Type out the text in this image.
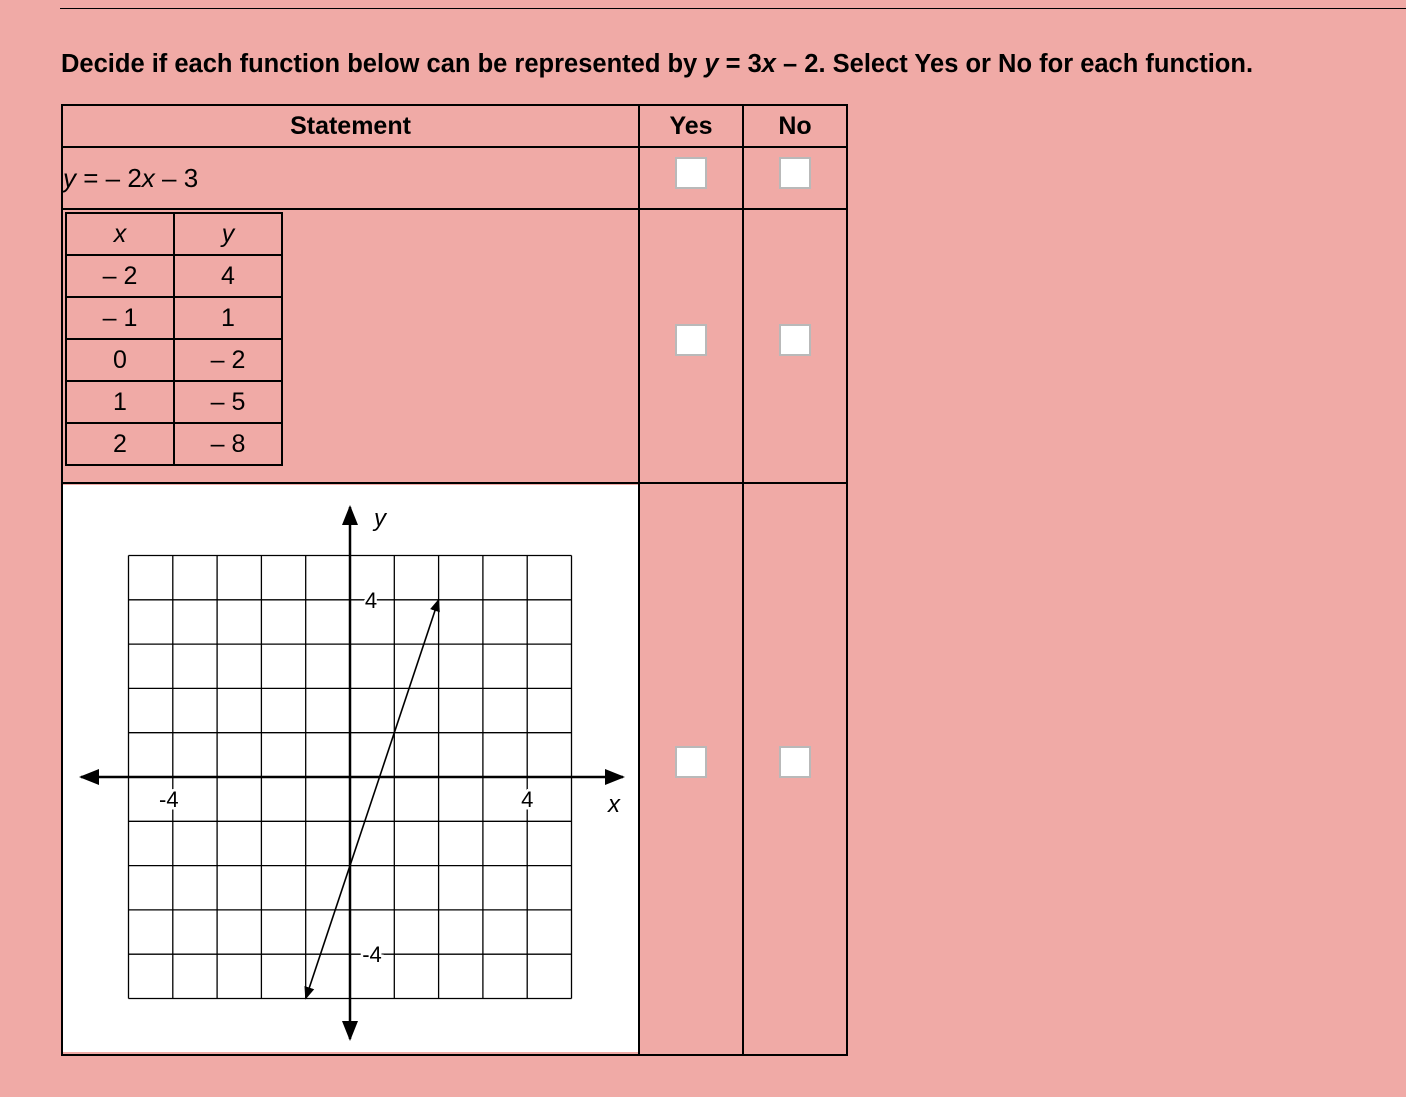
Decide if each function below can be represented by y = 3x – 2. Select Yes or No for each function.
Statement	Yes	No
y = – 2x – 3		

x	y
– 2	4
– 1	1
0	– 2
1	– 5
2	– 8

-4	4
4
-4
x
y
